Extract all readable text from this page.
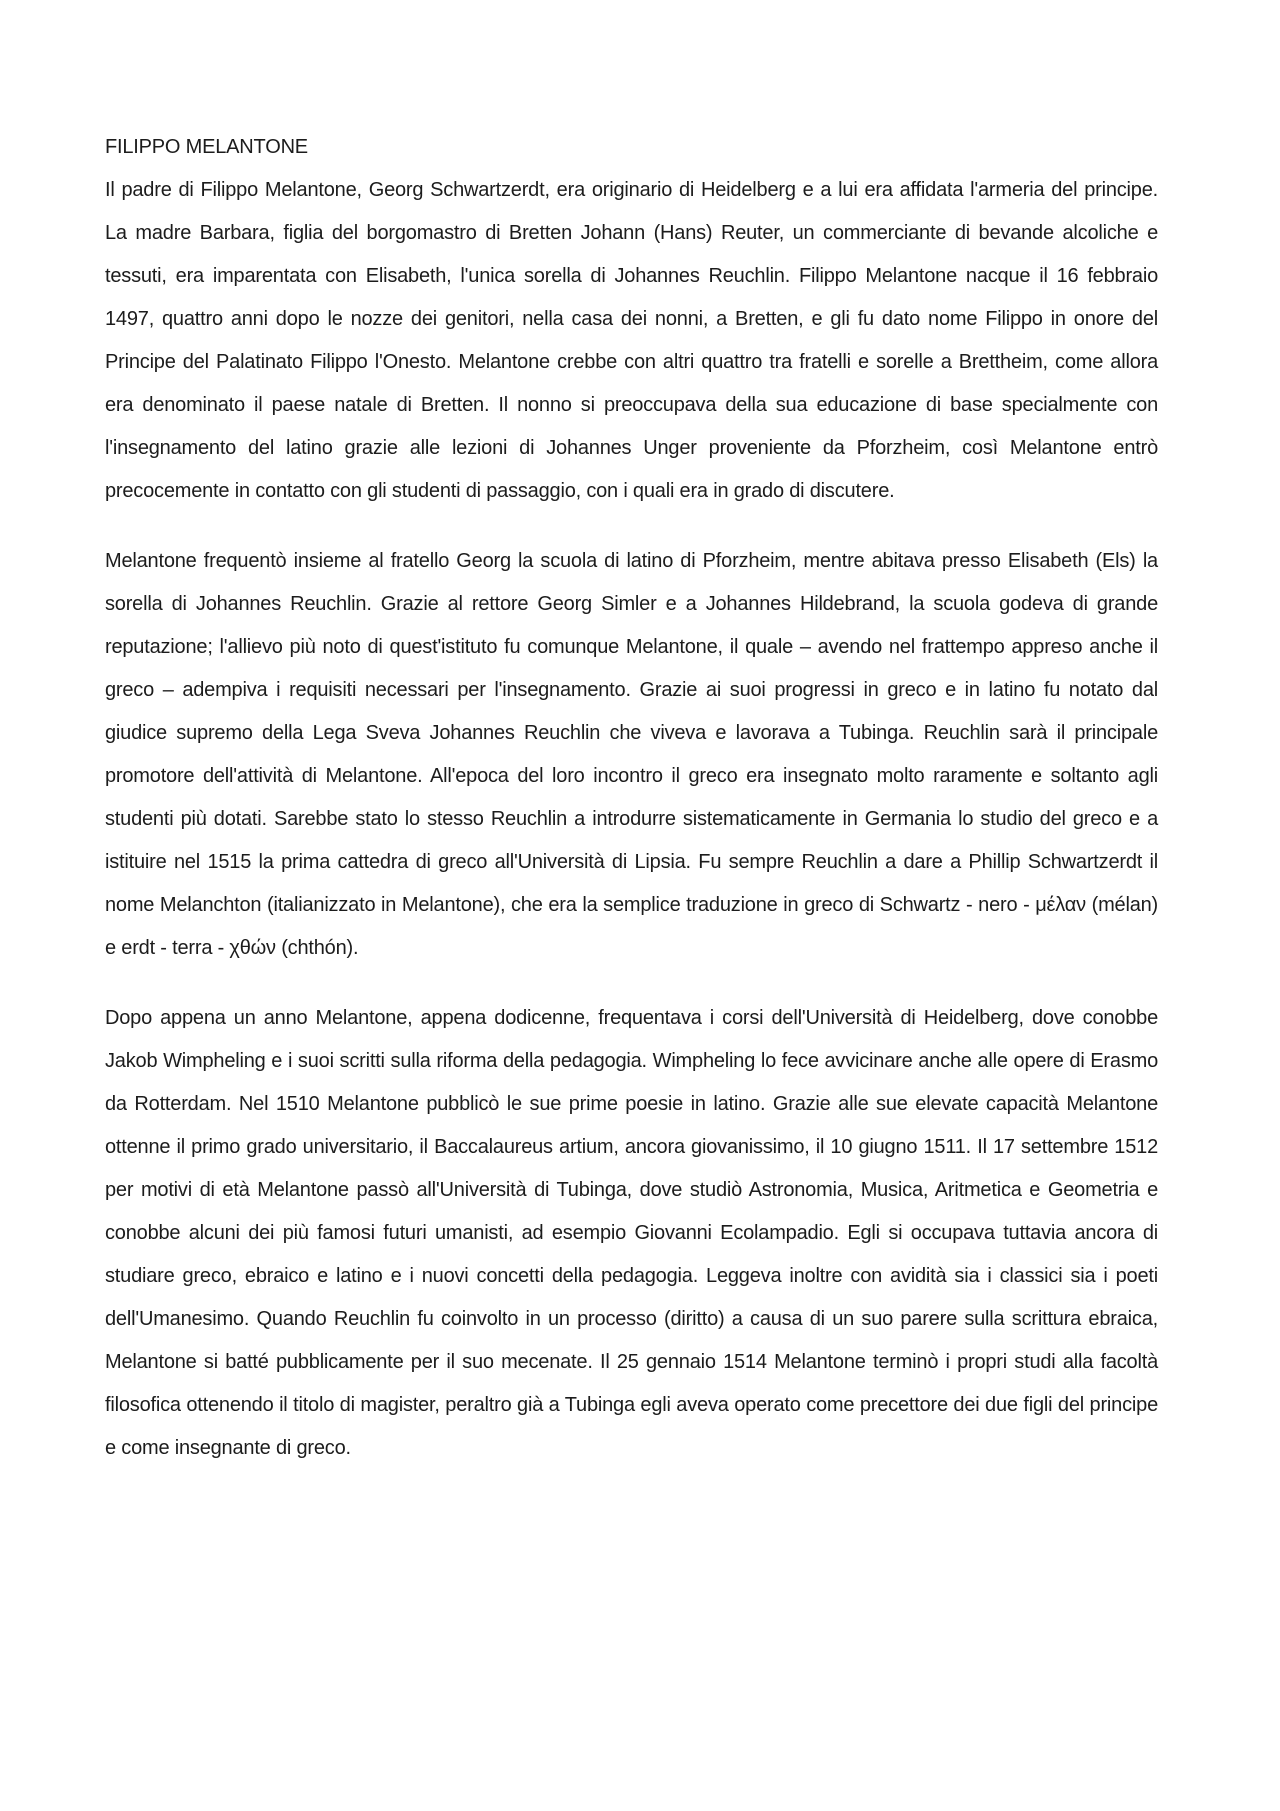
FILIPPO MELANTONE

Il padre di Filippo Melantone, Georg Schwartzerdt, era originario di Heidelberg e a lui era affidata l'armeria del principe. La madre Barbara, figlia del borgomastro di Bretten Johann (Hans) Reuter, un commerciante di bevande alcoliche e tessuti, era imparentata con Elisabeth, l'unica sorella di Johannes Reuchlin. Filippo Melantone nacque il 16 febbraio 1497, quattro anni dopo le nozze dei genitori, nella casa dei nonni, a Bretten, e gli fu dato nome Filippo in onore del Principe del Palatinato Filippo l'Onesto. Melantone crebbe con altri quattro tra fratelli e sorelle a Brettheim, come allora era denominato il paese natale di Bretten. Il nonno si preoccupava della sua educazione di base specialmente con l'insegnamento del latino grazie alle lezioni di Johannes Unger proveniente da Pforzheim, così Melantone entrò precocemente in contatto con gli studenti di passaggio, con i quali era in grado di discutere.

Melantone frequentò insieme al fratello Georg la scuola di latino di Pforzheim, mentre abitava presso Elisabeth (Els) la sorella di Johannes Reuchlin. Grazie al rettore Georg Simler e a Johannes Hildebrand, la scuola godeva di grande reputazione; l'allievo più noto di quest'istituto fu comunque Melantone, il quale – avendo nel frattempo appreso anche il greco – adempiva i requisiti necessari per l'insegnamento. Grazie ai suoi progressi in greco e in latino fu notato dal giudice supremo della Lega Sveva Johannes Reuchlin che viveva e lavorava a Tubinga. Reuchlin sarà il principale promotore dell'attività di Melantone. All'epoca del loro incontro il greco era insegnato molto raramente e soltanto agli studenti più dotati. Sarebbe stato lo stesso Reuchlin a introdurre sistematicamente in Germania lo studio del greco e a istituire nel 1515 la prima cattedra di greco all'Università di Lipsia. Fu sempre Reuchlin a dare a Phillip Schwartzerdt il nome Melanchton (italianizzato in Melantone), che era la semplice traduzione in greco di Schwartz - nero - μέλαν (mélan) e erdt - terra - χθών (chthón).

Dopo appena un anno Melantone, appena dodicenne, frequentava i corsi dell'Università di Heidelberg, dove conobbe Jakob Wimpheling e i suoi scritti sulla riforma della pedagogia. Wimpheling lo fece avvicinare anche alle opere di Erasmo da Rotterdam. Nel 1510 Melantone pubblicò le sue prime poesie in latino. Grazie alle sue elevate capacità Melantone ottenne il primo grado universitario, il Baccalaureus artium, ancora giovanissimo, il 10 giugno 1511. Il 17 settembre 1512 per motivi di età Melantone passò all'Università di Tubinga, dove studiò Astronomia, Musica, Aritmetica e Geometria e conobbe alcuni dei più famosi futuri umanisti, ad esempio Giovanni Ecolampadio. Egli si occupava tuttavia ancora di studiare greco, ebraico e latino e i nuovi concetti della pedagogia. Leggeva inoltre con avidità sia i classici sia i poeti dell'Umanesimo. Quando Reuchlin fu coinvolto in un processo (diritto) a causa di un suo parere sulla scrittura ebraica, Melantone si batté pubblicamente per il suo mecenate. Il 25 gennaio 1514 Melantone terminò i propri studi alla facoltà filosofica ottenendo il titolo di magister, peraltro già a Tubinga egli aveva operato come precettore dei due figli del principe e come insegnante di greco.
